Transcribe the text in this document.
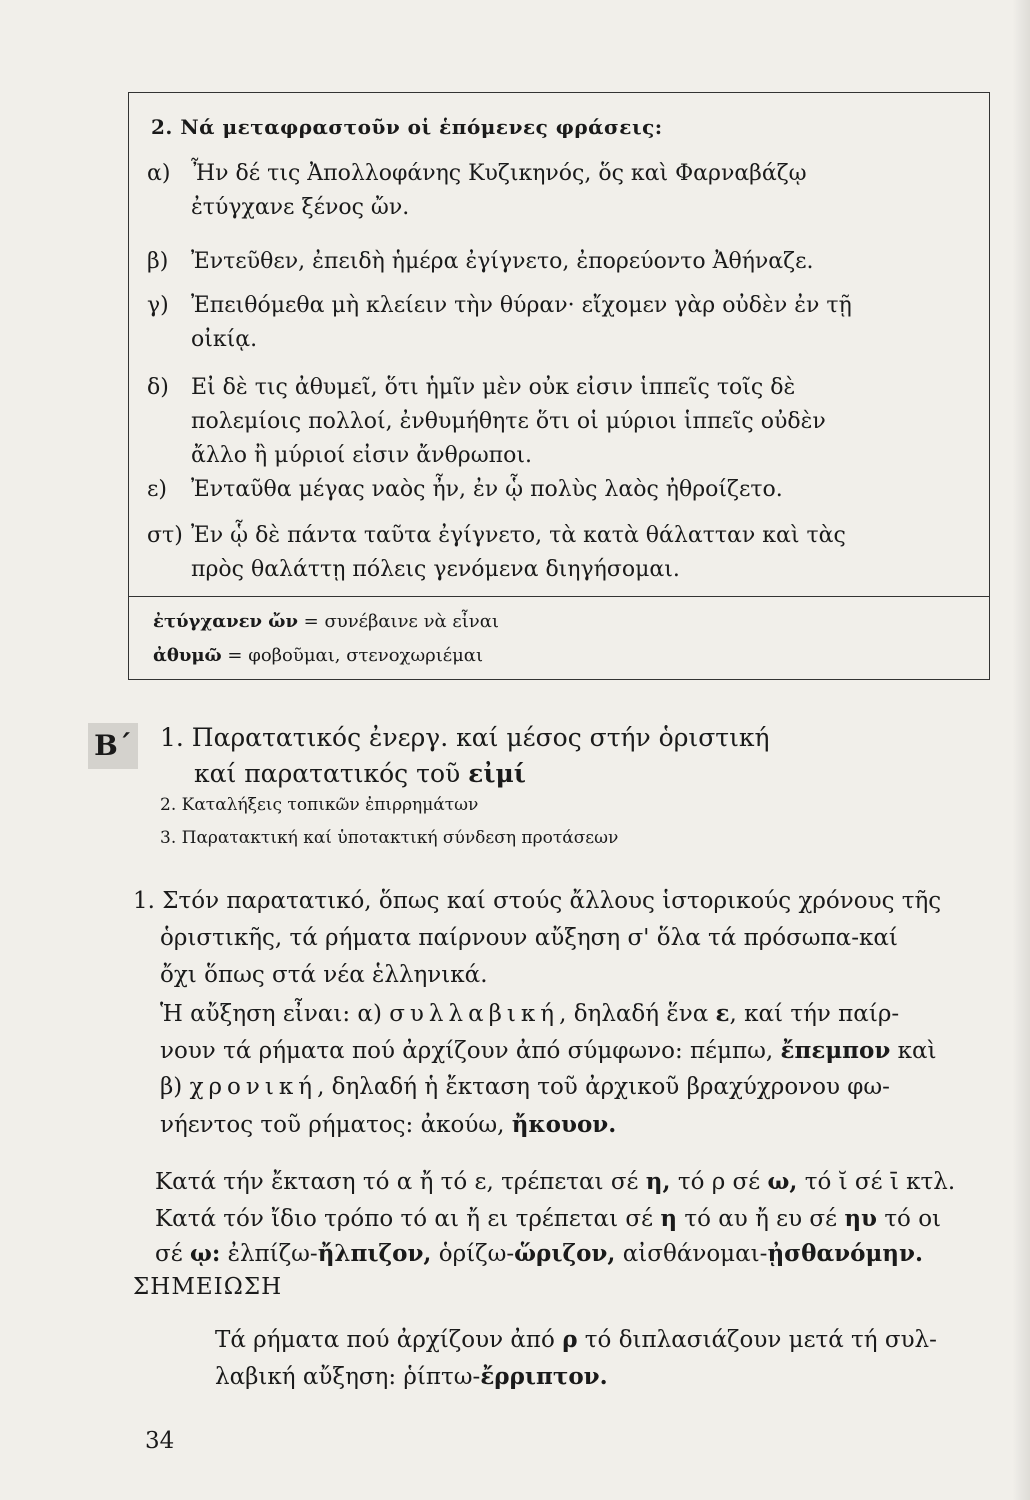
2. Νά μεταφραστοῦν οἱ ἑπόμενες φράσεις:
α) Ἦν δέ τις Ἀπολλοφάνης Κυζικηνός, ὅς καὶ Φαρναβάζῳ
ἐτύγχανε ξένος ὤν.
β) Ἐντεῦθεν, ἐπειδὴ ἡμέρα ἐγίγνετο, ἐπορεύοντο Ἀθήναζε.
γ) Ἐπειθόμεθα μὴ κλείειν τὴν θύραν· εἴχομεν γὰρ οὐδὲν ἐν τῇ
οἰκίᾳ.
δ) Εἰ δὲ τις ἀθυμεῖ, ὅτι ἡμῖν μὲν οὐκ εἰσιν ἱππεῖς τοῖς δὲ
πολεμίοις πολλοί, ἐνθυμήθητε ὅτι οἱ μύριοι ἱππεῖς οὐδὲν
ἄλλο ἢ μύριοί εἰσιν ἄνθρωποι.
ε) Ἐνταῦθα μέγας ναὸς ἦν, ἐν ᾧ πολὺς λαὸς ἠθροίζετο.
στ) Ἐν ᾧ δὲ πάντα ταῦτα ἐγίγνετο, τὰ κατὰ θάλατταν καὶ τὰς
πρὸς θαλάττῃ πόλεις γενόμενα διηγήσομαι.
ἐτύγχανεν ὤν = συνέβαινε νὰ εἶναι
ἀθυμῶ = φοβοῦμαι, στενοχωριέμαι
Β΄ 1. Παρατατικός ἐνεργ. καί μέσος στήν ὁριστική
καί παρατατικός τοῦ εἰμί
2. Καταλήξεις τοπικῶν ἐπιρρημάτων
3. Παρατακτική καί ὑποτακτική σύνδεση προτάσεων
1. Στόν παρατατικό, ὅπως καί στούς ἄλλους ἱστορικούς χρόνους τῆς
ὁριστικῆς, τά ρήματα παίρνουν αὔξηση σ' ὅλα τά πρόσωπα-καί
ὄχι ὅπως στά νέα ἑλληνικά.
Ἡ αὔξηση εἶναι: α) συλλαβική, δηλαδή ἕνα ε, καί τήν παίρ-
νουν τά ρήματα πού ἀρχίζουν ἀπό σύμφωνο: πέμπω, ἔπεμπον καὶ
β) χρονική, δηλαδή ἡ ἔκταση τοῦ ἀρχικοῦ βραχύχρονου φω-
νήεντος τοῦ ρήματος: ἀκούω, ἤκουον.
Κατά τήν ἔκταση τό α ἤ τό ε, τρέπεται σέ η, τό ρ σέ ω, τό ῐ σέ ῑ κτλ.
Κατά τόν ἴδιο τρόπο τό αι ἤ ει τρέπεται σέ η τό αυ ἤ ευ σέ ηυ τό οι
σέ ῳ: ἐλπίζω-ἤλπιζον, ὁρίζω-ὥριζον, αἰσθάνομαι-ᾐσθανόμην.
ΣΗΜΕΙΩΣΗ
Τά ρήματα πού ἀρχίζουν ἀπό ρ τό διπλασιάζουν μετά τή συλ-
λαβική αὔξηση: ῥίπτω-ἔρριπτον.
34
